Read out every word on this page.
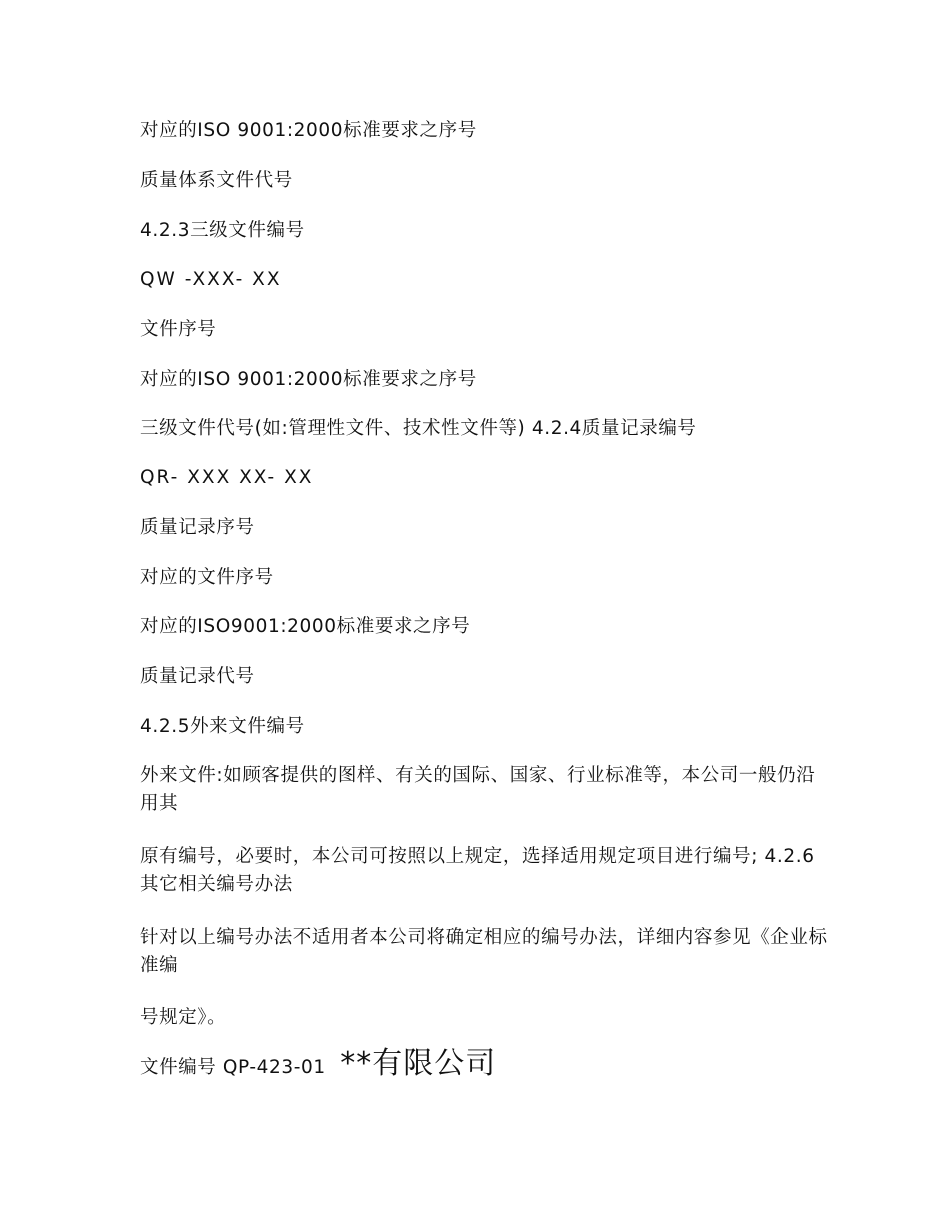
对应的ISO 9001:2000标准要求之序号
质量体系文件代号
4.2.3三级文件编号
QW -XXX- XX
文件序号
对应的ISO 9001:2000标准要求之序号
三级文件代号(如:管理性文件、技术性文件等) 4.2.4质量记录编号
QR- XXX XX- XX
质量记录序号
对应的文件序号
对应的ISO9001:2000标准要求之序号
质量记录代号
4.2.5外来文件编号
外来文件:如顾客提供的图样、有关的国际、国家、行业标准等，本公司一般仍沿用其
原有编号，必要时，本公司可按照以上规定，选择适用规定项目进行编号; 4.2.6其它相关编号办法
针对以上编号办法不适用者本公司将确定相应的编号办法，详细内容参见《企业标准编
号规定》。
文件编号 QP-423-01 **有限公司
